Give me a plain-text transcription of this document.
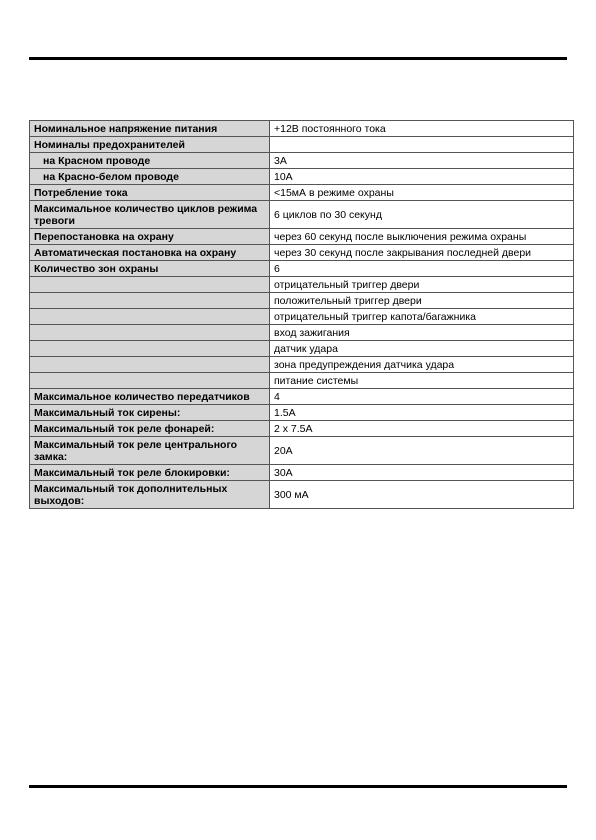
Номинальное напряжение питания	+12В постоянного тока
Номиналы предохранителей	
на Красном проводе	3А
на Красно-белом проводе	10А
Потребление тока	<15мА в режиме охраны
Максимальное количество циклов режима тревоги	6 циклов по 30 секунд
Перепостановка на охрану	через 60 секунд после выключения режима охраны
Автоматическая постановка на охрану	через 30 секунд после закрывания последней двери
Количество зон охраны	6
	отрицательный триггер двери
	положительный триггер двери
	отрицательный триггер капота/багажника
	вход зажигания
	датчик удара
	зона предупреждения датчика удара
	питание системы
Максимальное количество передатчиков	4
Максимальный ток сирены:	1.5А
Максимальный ток реле фонарей:	2 x 7.5A
Максимальный ток реле центрального замка:	20А
Максимальный ток реле блокировки:	30А
Максимальный ток дополнительных выходов:	300 мА
